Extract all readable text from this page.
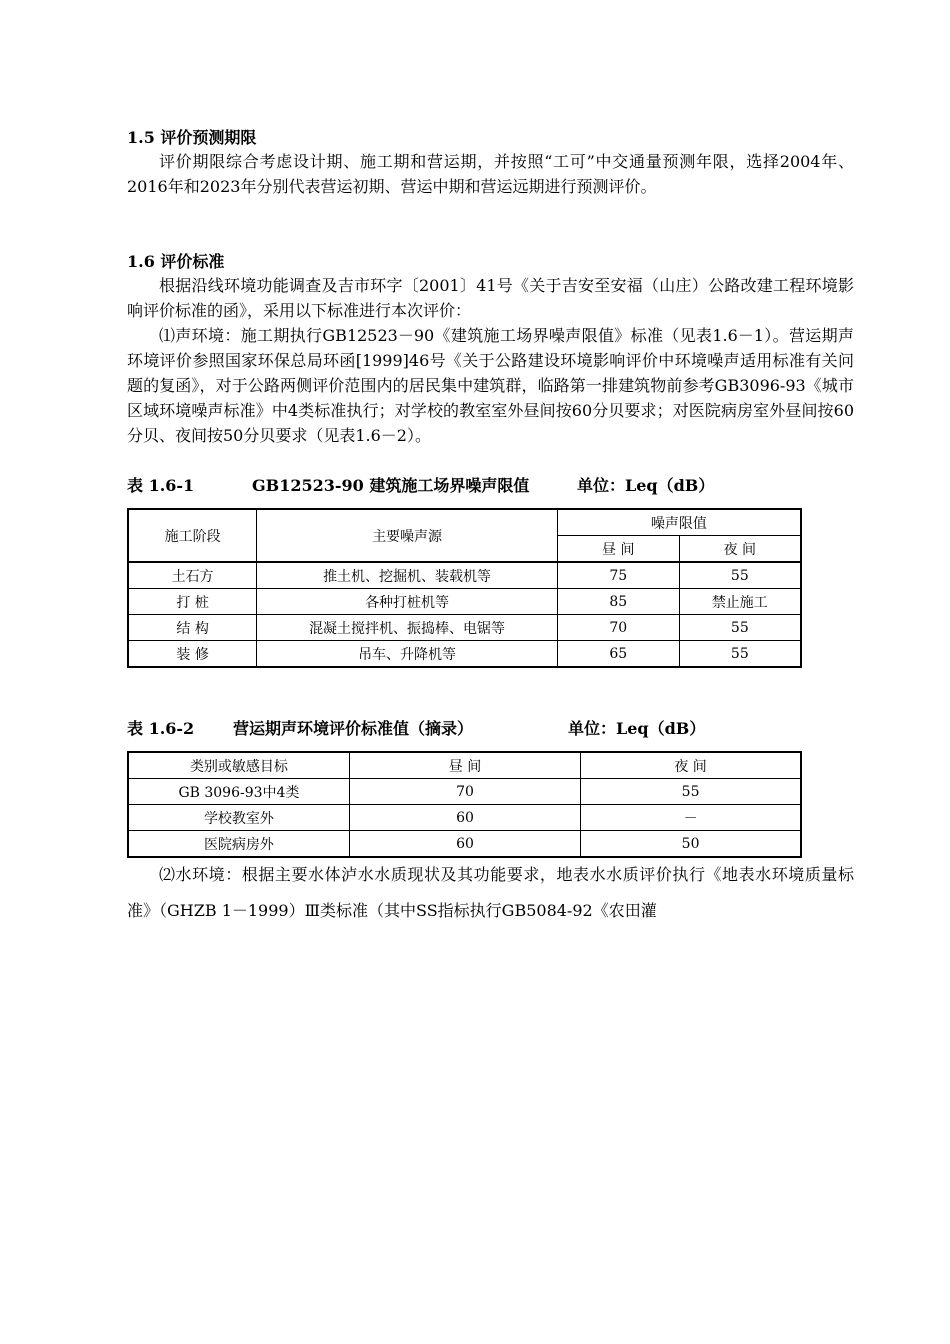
1.5 评价预测期限

评价期限综合考虑设计期、施工期和营运期，并按照“工可”中交通量预测年限，选择2004年、2016年和2023年分别代表营运初期、营运中期和营运远期进行预测评价。

1.6 评价标准

根据沿线环境功能调查及吉市环字〔2001〕41号《关于吉安至安福（山庄）公路改建工程环境影响评价标准的函》，采用以下标准进行本次评价：

⑴声环境：施工期执行GB12523－90《建筑施工场界噪声限值》标准（见表1.6－1）。营运期声环境评价参照国家环保总局环函[1999]46号《关于公路建设环境影响评价中环境噪声适用标准有关问题的复函》，对于公路两侧评价范围内的居民集中建筑群，临路第一排建筑物前参考GB3096-93《城市区域环境噪声标准》中4类标准执行；对学校的教室室外昼间按60分贝要求；对医院病房室外昼间按60分贝、夜间按50分贝要求（见表1.6－2）。

表 1.6-1	GB12523-90 建筑施工场界噪声限值	单位：Leq（dB）
施工阶段	主要噪声源	噪声限值	
		昼 间	夜 间
土石方	推土机、挖掘机、装载机等	75	55
打 桩	各种打桩机等	85	禁止施工
结 构	混凝土搅拌机、振捣棒、电锯等	70	55
装 修	吊车、升降机等	65	55
表 1.6-2 营运期声环境评价标准值（摘录）	单位：Leq（dB）
类别或敏感目标	昼 间	夜 间
GB 3096-93中4类	70	55
学校教室外	60	－
医院病房外	60	50

⑵水环境：根据主要水体泸水水质现状及其功能要求，地表水水质评价执行《地表水环境质量标准》（GHZB 1－1999）Ⅲ类标准（其中SS指标执行GB5084-92《农田灌
